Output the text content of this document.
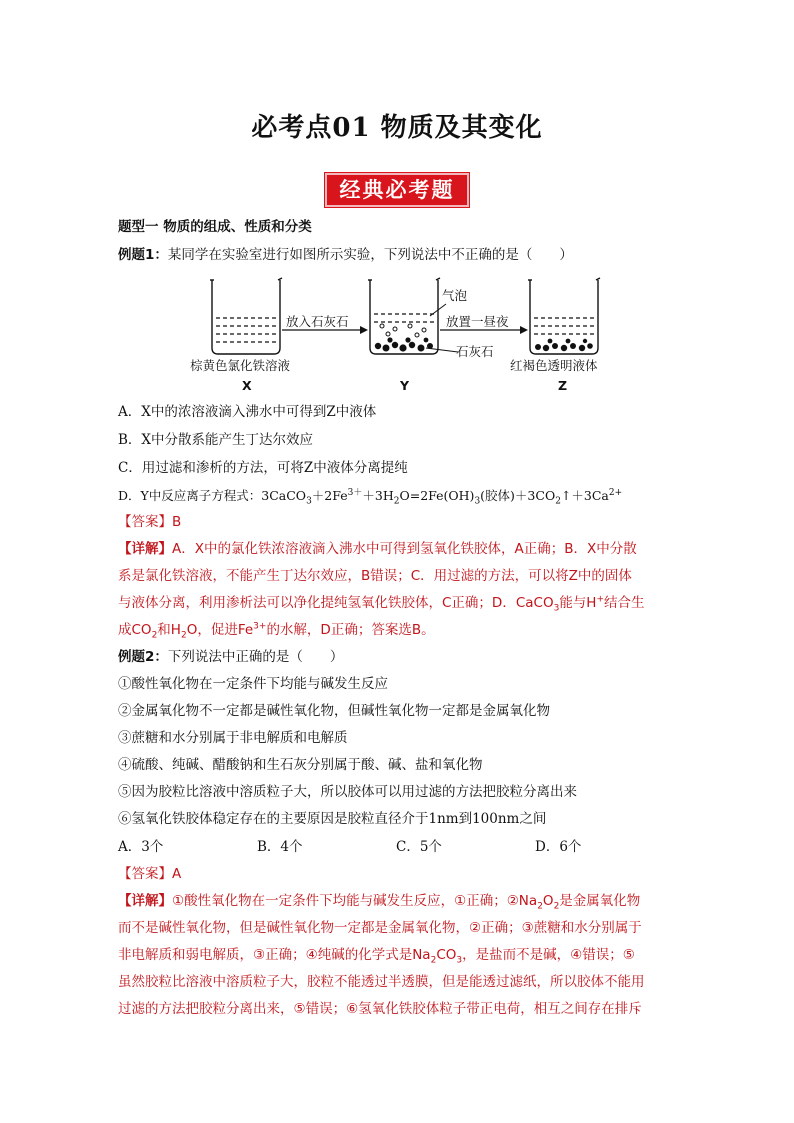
必考点01 物质及其变化
经典必考题
题型一 物质的组成、性质和分类
例题1：某同学在实验室进行如图所示实验，下列说法中不正确的是（　　）
放入石灰石
气泡
石灰石
放置一昼夜
棕黄色氯化铁溶液	红褐色透明液体
X	Y	Z
A．X中的浓溶液滴入沸水中可得到Z中液体
B．X中分散系能产生丁达尔效应
C．用过滤和渗析的方法，可将Z中液体分离提纯
D．Y中反应离子方程式：$3CaCO_3+2Fe^{3+}+3H_2O=2Fe(OH)_3$(胶体)$+3CO_2↑+3Ca^{2+}$
【答案】B
【详解】A．X中的氯化铁浓溶液滴入沸水中可得到氢氧化铁胶体，A正确；B．X中分散
系是氯化铁溶液，不能产生丁达尔效应，B错误；C．用过滤的方法，可以将Z中的固体
与液体分离，利用渗析法可以净化提纯氢氧化铁胶体，C正确；D．CaCO$_3$能与H+结合生
成$CO_2$和$H_2O$，促进$Fe^{3+}$的水解，D正确；答案选B。
例题2：下列说法中正确的是（　　）
①酸性氧化物在一定条件下均能与碱发生反应
②金属氧化物不一定都是碱性氧化物，但碱性氧化物一定都是金属氧化物
③蔗糖和水分别属于非电解质和电解质
④硫酸、纯碱、醋酸钠和生石灰分别属于酸、碱、盐和氧化物
⑤因为胶粒比溶液中溶质粒子大，所以胶体可以用过滤的方法把胶粒分离出来
⑥氢氧化铁胶体稳定存在的主要原因是胶粒直径介于1nm到100nm之间
A．3个	B．4个	C．5个	D．6个
【答案】A
【详解】①酸性氧化物在一定条件下均能与碱发生反应，①正确；$②Na_2O_2$是金属氧化物
而不是碱性氧化物，但是碱性氧化物一定都是金属氧化物，②正确；③蔗糖和水分别属于
非电解质和弱电解质，③正确；④纯碱的化学式是$Na_2CO_3$，是盐而不是碱，④错误；⑤
虽然胶粒比溶液中溶质粒子大，胶粒不能透过半透膜，但是能透过滤纸，所以胶体不能用
过滤的方法把胶粒分离出来，⑤错误；⑥氢氧化铁胶体粒子带正电荷，相互之间存在排斥
